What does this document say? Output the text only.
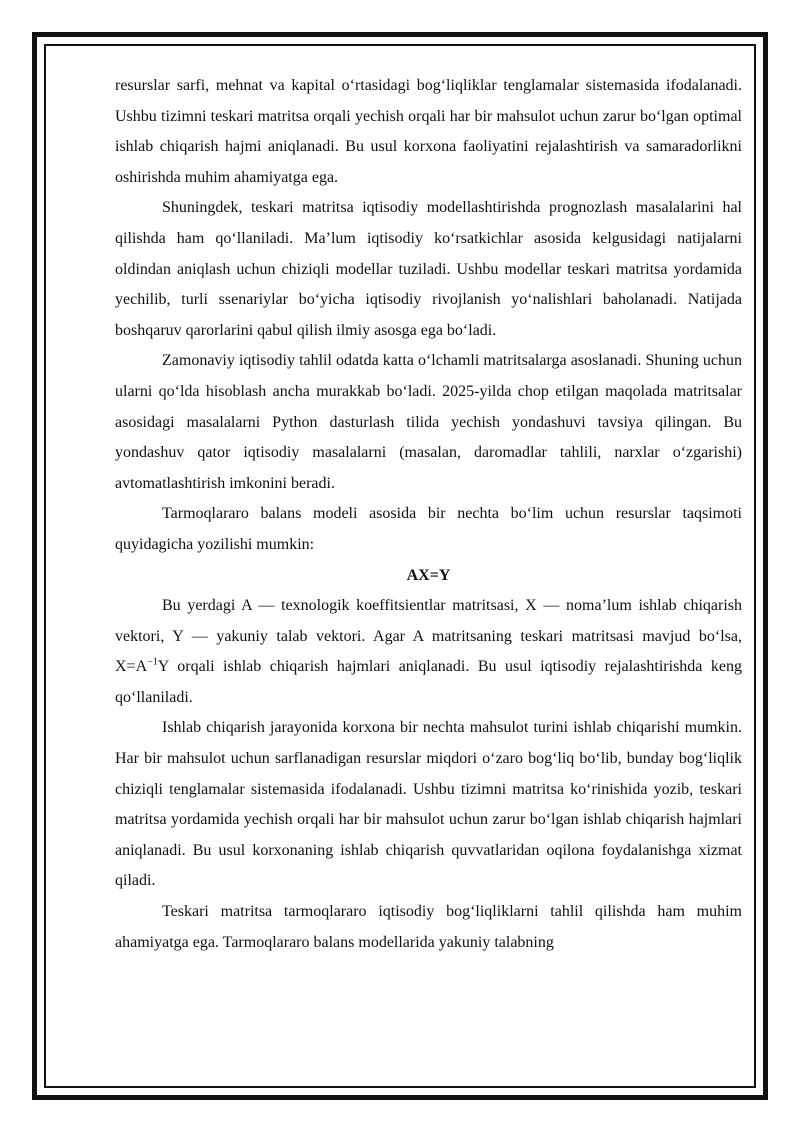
resurslar sarfi, mehnat va kapital o‘rtasidagi bog‘liqliklar tenglamalar sistemasida ifodalanadi. Ushbu tizimni teskari matritsa orqali yechish orqali har bir mahsulot uchun zarur bo‘lgan optimal ishlab chiqarish hajmi aniqlanadi. Bu usul korxona faoliyatini rejalashtirish va samaradorlikni oshirishda muhim ahamiyatga ega.

Shuningdek, teskari matritsa iqtisodiy modellashtirishda prognozlash masalalarini hal qilishda ham qo‘llaniladi. Ma’lum iqtisodiy ko‘rsatkichlar asosida kelgusidagi natijalarni oldindan aniqlash uchun chiziqli modellar tuziladi. Ushbu modellar teskari matritsa yordamida yechilib, turli ssenariylar bo‘yicha iqtisodiy rivojlanish yo‘nalishlari baholanadi. Natijada boshqaruv qarorlarini qabul qilish ilmiy asosga ega bo‘ladi.

Zamonaviy iqtisodiy tahlil odatda katta o‘lchamli matritsalarga asoslanadi. Shuning uchun ularni qo‘lda hisoblash ancha murakkab bo‘ladi. 2025-yilda chop etilgan maqolada matritsalar asosidagi masalalarni Python dasturlash tilida yechish yondashuvi tavsiya qilingan. Bu yondashuv qator iqtisodiy masalalarni (masalan, daromadlar tahlili, narxlar o‘zgarishi) avtomatlashtirish imkonini beradi.

Tarmoqlararo balans modeli asosida bir nechta bo‘lim uchun resurslar taqsimoti quyidagicha yozilishi mumkin:

AX=Y

Bu yerdagi A — texnologik koeffitsientlar matritsasi, X — noma’lum ishlab chiqarish vektori, Y — yakuniy talab vektori. Agar A matritsaning teskari matritsasi mavjud bo‘lsa, $X=A^{-1}Y$ orqali ishlab chiqarish hajmlari aniqlanadi. Bu usul iqtisodiy rejalashtirishda keng qo‘llaniladi.

Ishlab chiqarish jarayonida korxona bir nechta mahsulot turini ishlab chiqarishi mumkin. Har bir mahsulot uchun sarflanadigan resurslar miqdori o‘zaro bog‘liq bo‘lib, bunday bog‘liqlik chiziqli tenglamalar sistemasida ifodalanadi. Ushbu tizimni matritsa ko‘rinishida yozib, teskari matritsa yordamida yechish orqali har bir mahsulot uchun zarur bo‘lgan ishlab chiqarish hajmlari aniqlanadi. Bu usul korxonaning ishlab chiqarish quvvatlaridan oqilona foydalanishga xizmat qiladi.

Teskari matritsa tarmoqlararo iqtisodiy bog‘liqliklarni tahlil qilishda ham muhim ahamiyatga ega. Tarmoqlararo balans modellarida yakuniy talabning
